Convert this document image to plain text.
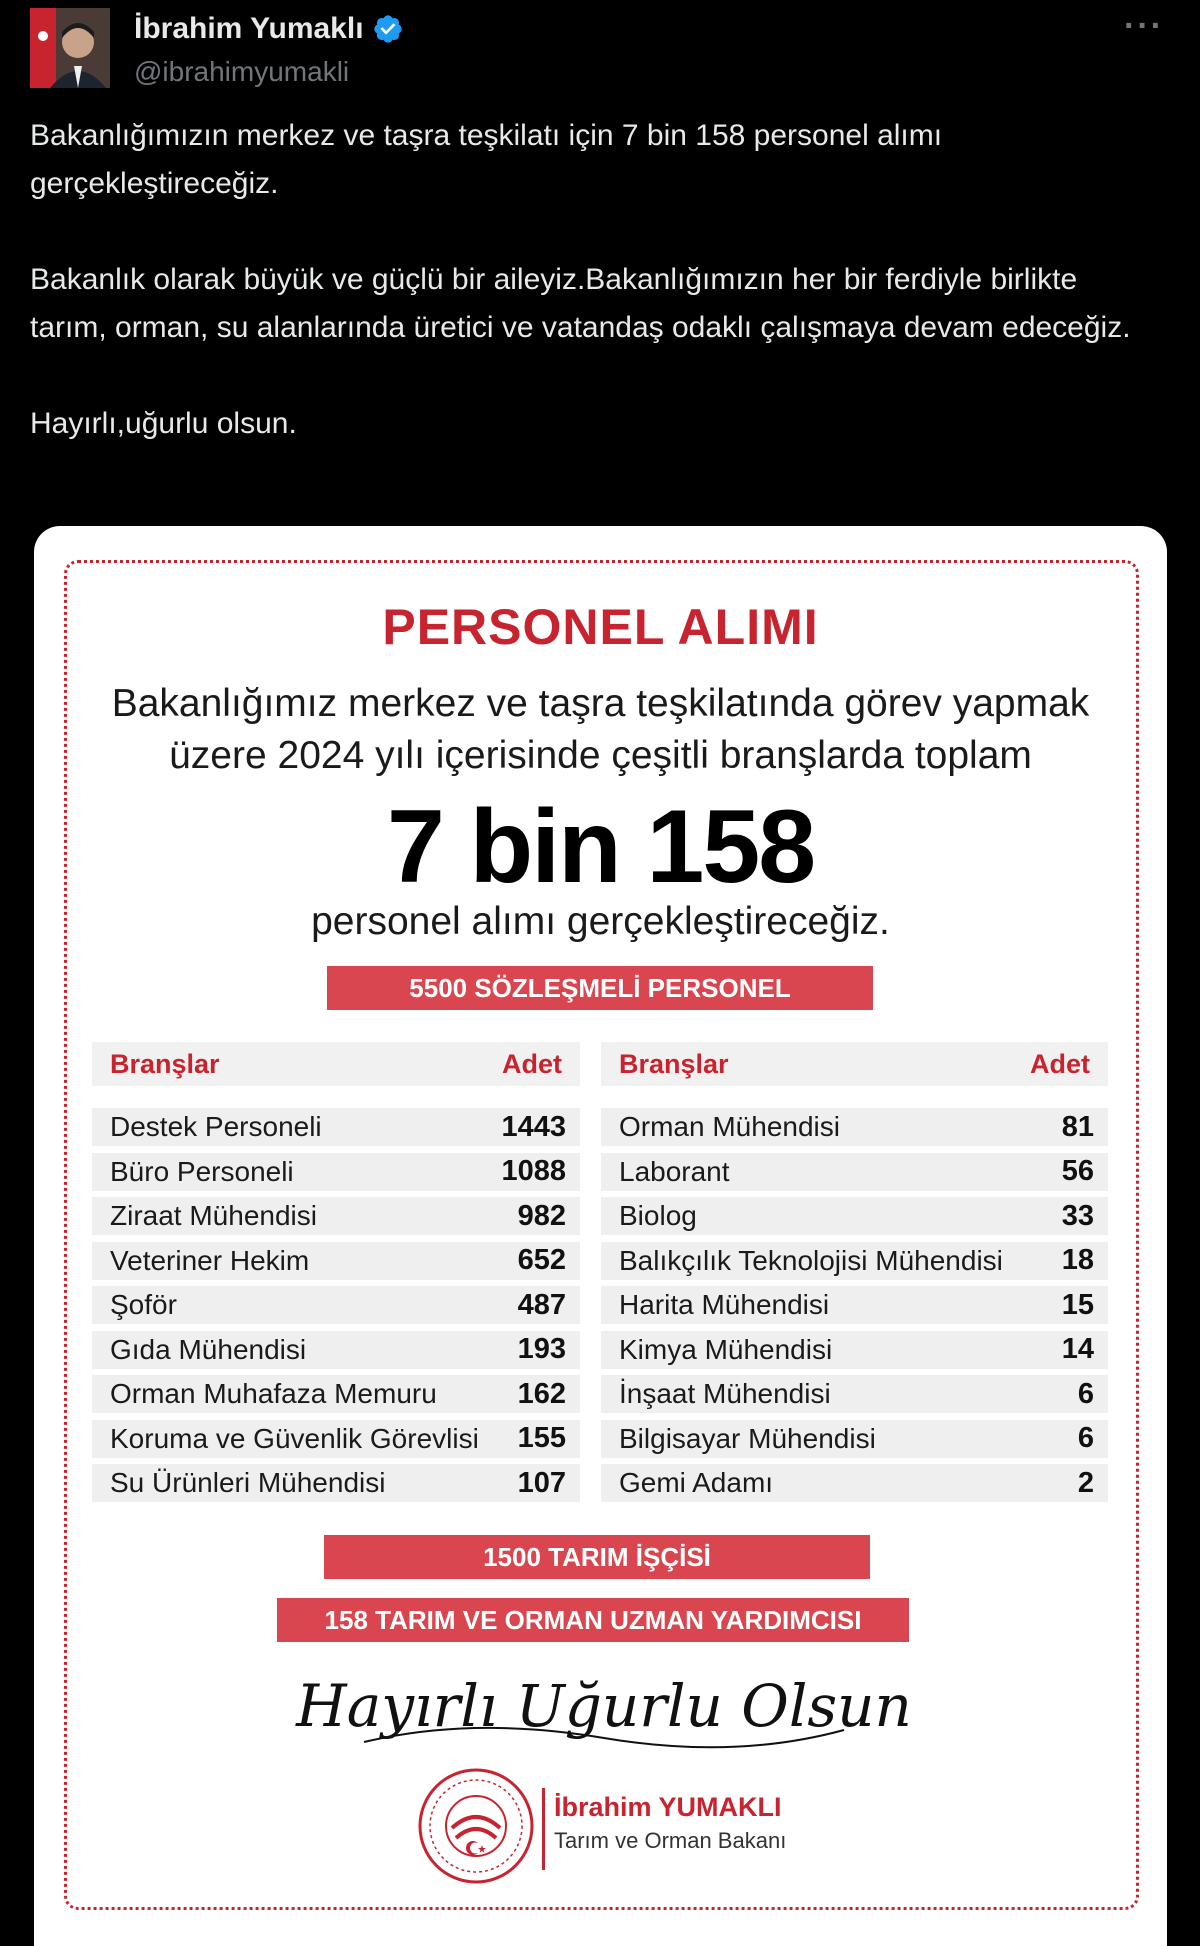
İbrahim Yumaklı
@ibrahimyumakli
···
Bakanlığımızın merkez ve taşra teşkilatı için 7 bin 158 personel alımı gerçekleştireceğiz.

Bakanlık olarak büyük ve güçlü bir aileyiz.Bakanlığımızın her bir ferdiyle birlikte tarım, orman, su alanlarında üretici ve vatandaş odaklı çalışmaya devam edeceğiz.

Hayırlı,uğurlu olsun.
PERSONEL ALIMI
Bakanlığımız merkez ve taşra teşkilatında görev yapmak üzere 2024 yılı içerisinde çeşitli branşlarda toplam
7 bin 158
personel alımı gerçekleştireceğiz.
5500 SÖZLEŞMELİ PERSONEL
Branşlar	Adet
Destek Personeli	1443
Büro Personeli	1088
Ziraat Mühendisi	982
Veteriner Hekim	652
Şoför	487
Gıda Mühendisi	193
Orman Muhafaza Memuru	162
Koruma ve Güvenlik Görevlisi 155
Su Ürünleri Mühendisi	107
Branşlar	Adet
Orman Mühendisi	81
Laborant	56
Biolog	33
Balıkçılık Teknolojisi Mühendisi 18
Harita Mühendisi	15
Kimya Mühendisi	14
İnşaat Mühendisi	6
Bilgisayar Mühendisi	6
Gemi Adamı	2
1500 TARIM İŞÇİSİ
158 TARIM VE ORMAN UZMAN YARDIMCISI
Hayırlı Uğurlu Olsun
İbrahim YUMAKLI
Tarım ve Orman Bakanı
